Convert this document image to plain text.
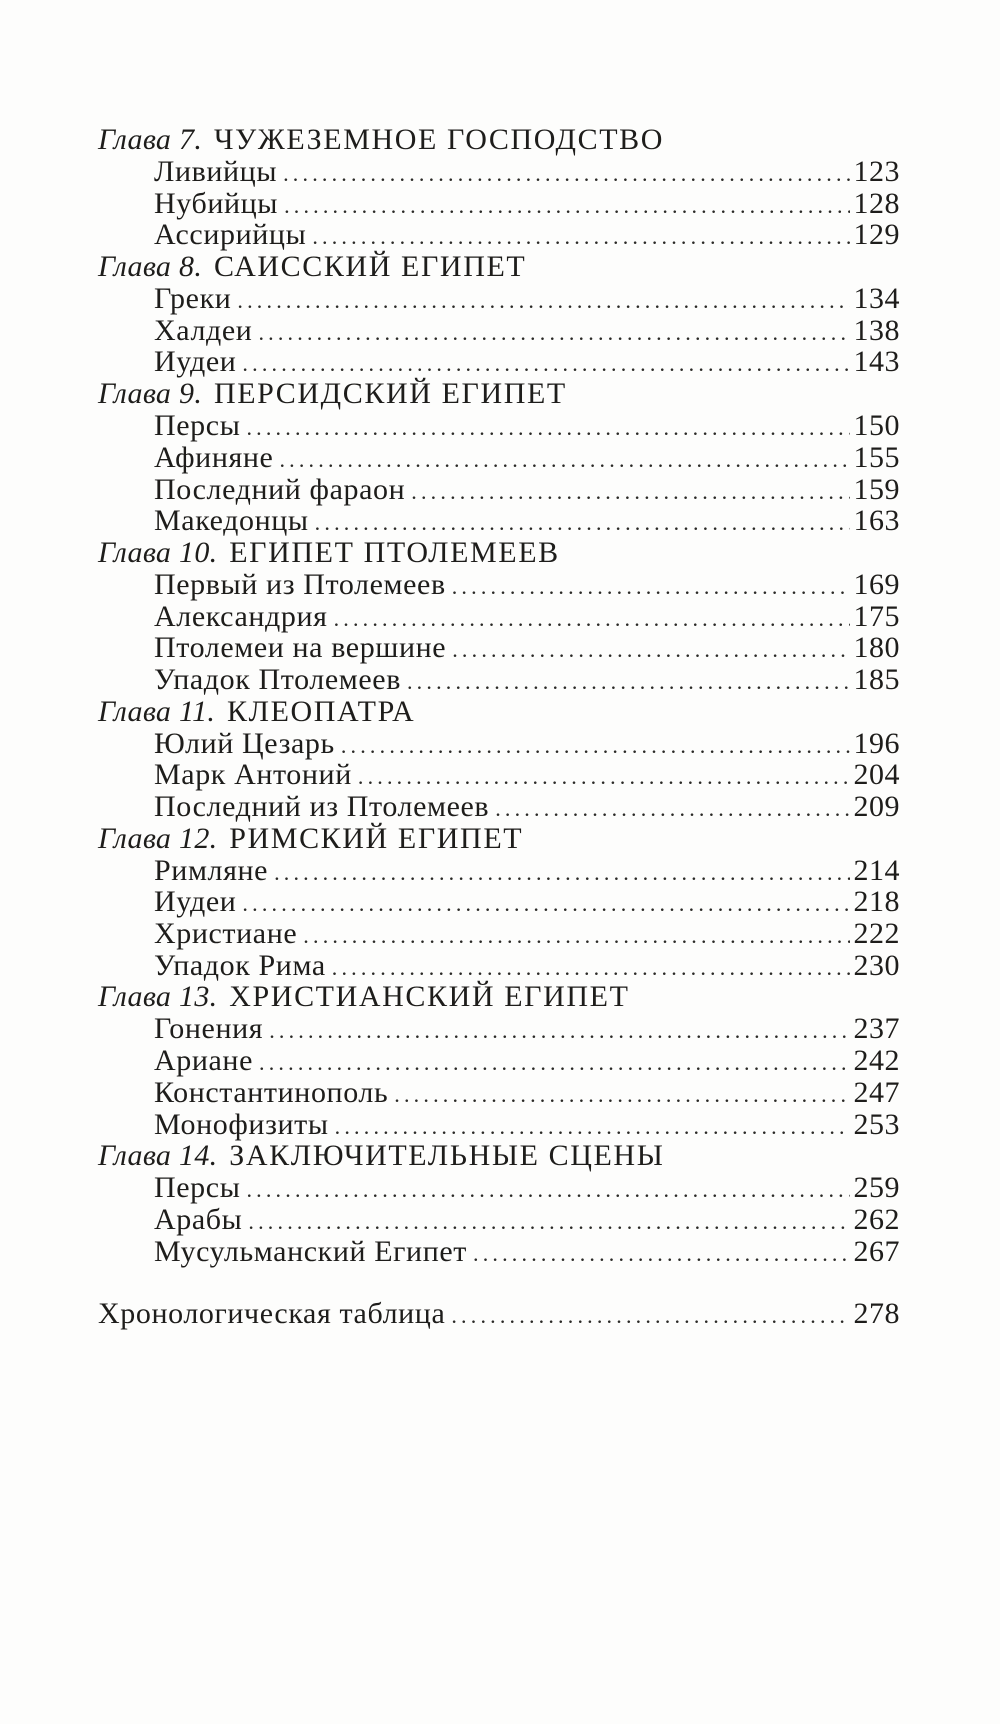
Глава 7. ЧУЖЕЗЕМНОЕ ГОСПОДСТВО
Ливийцы .....	123
Нубийцы .....	128
Ассирийцы .....	129
Глава 8. САИССКИЙ ЕГИПЕТ
Греки .....	134
Халдеи .....	138
Иудеи .....	143
Глава 9. ПЕРСИДСКИЙ ЕГИПЕТ
Персы .....	150
Афиняне .....	155
Последний фараон .....	159
Македонцы .....	163
Глава 10. ЕГИПЕТ ПТОЛЕМЕЕВ
Первый из Птолемеев .....	169
Александрия .....	175
Птолемеи на вершине .....	180
Упадок Птолемеев .....	185
Глава 11. КЛЕОПАТРА
Юлий Цезарь .....	196
Марк Антоний .....	204
Последний из Птолемеев .....	209
Глава 12. РИМСКИЙ ЕГИПЕТ
Римляне .....	214
Иудеи .....	218
Христиане .....	222
Упадок Рима .....	230
Глава 13. ХРИСТИАНСКИЙ ЕГИПЕТ
Гонения .....	237
Ариане .....	242
Константинополь .....	247
Монофизиты .....	253
Глава 14. ЗАКЛЮЧИТЕЛЬНЫЕ СЦЕНЫ
Персы .....	259
Арабы .....	262
Мусульманский Египет .....	267
Хронологическая таблица .....	278
